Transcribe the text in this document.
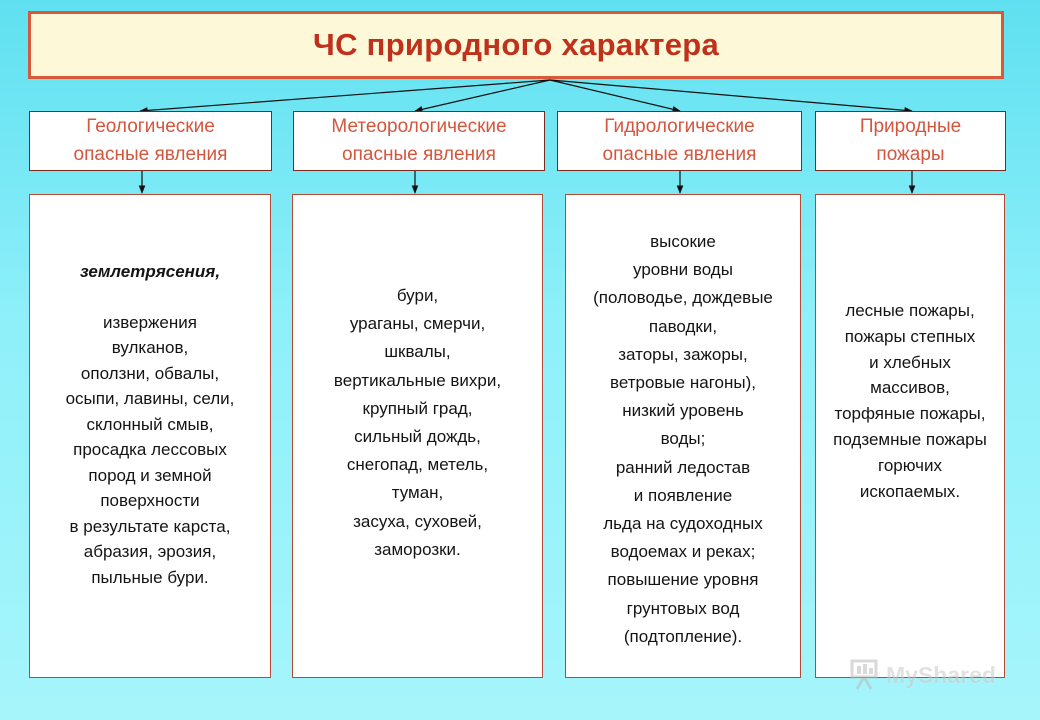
ЧС природного характера
Геологические
опасные явления
Метеорологические
опасные явления
Гидрологические
опасные явления
Природные
пожары
землетрясения,
извержения
вулканов,
оползни, обвалы,
осыпи, лавины, сели,
склонный смыв,
просадка лессовых
пород и земной
поверхности
в результате карста,
абразия, эрозия,
пыльные бури.
бури,
ураганы, смерчи,
шквалы,
вертикальные вихри,
крупный град,
сильный дождь,
снегопад, метель,
туман,
засуха, суховей,
заморозки.
высокие
уровни воды
(половодье, дождевые
паводки,
заторы, зажоры,
ветровые нагоны),
низкий уровень
воды;
ранний ледостав
и появление
льда на судоходных
водоемах и реках;
повышение уровня
грунтовых вод
(подтопление).
лесные пожары,
пожары степных
и хлебных
массивов,
торфяные пожары,
подземные пожары
горючих
ископаемых.
MyShared
